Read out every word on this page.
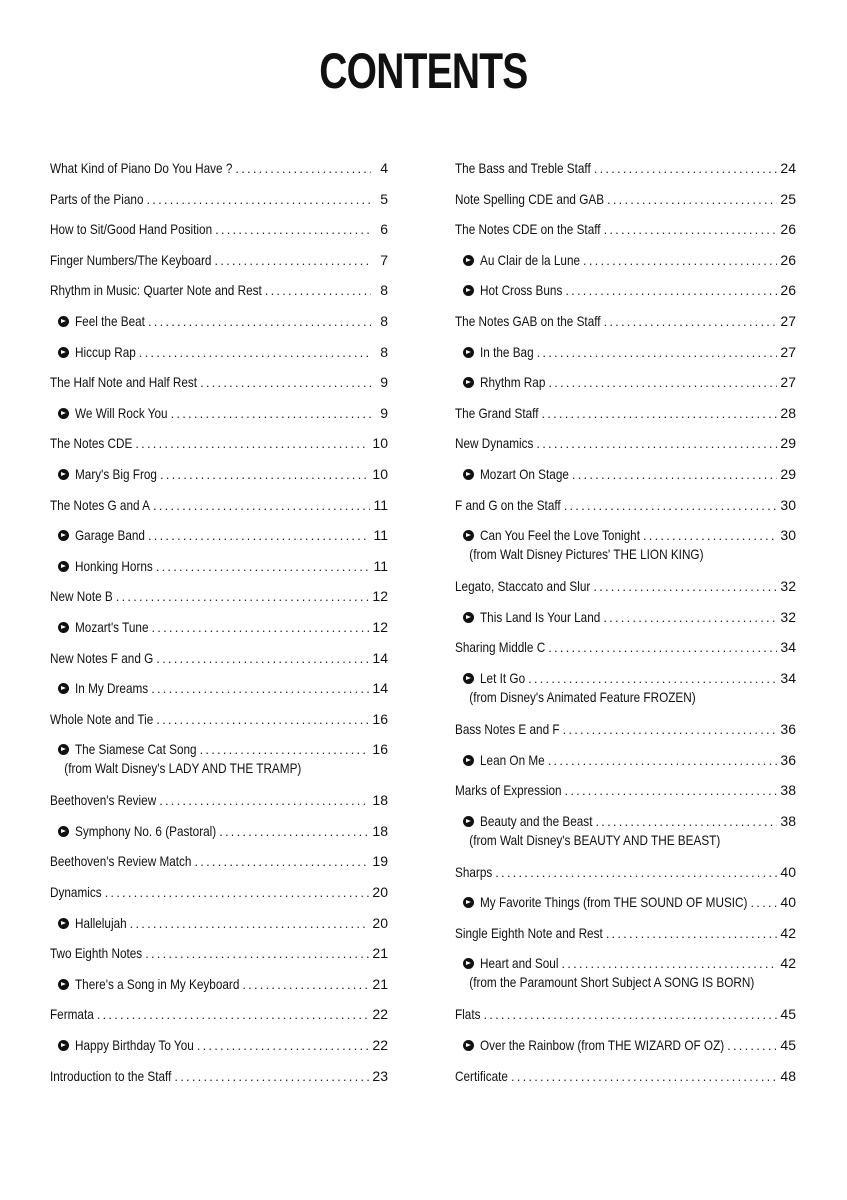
CONTENTS
What Kind of Piano Do You Have ? .....	4
Parts of the Piano .....	5
How to Sit/Good Hand Position .....	6
Finger Numbers/The Keyboard .....	7
Rhythm in Music: Quarter Note and Rest .....	8
Feel the Beat .....	8
Hiccup Rap .....	8
The Half Note and Half Rest .....	9
We Will Rock You .....	9
The Notes CDE .....	10
Mary's Big Frog .....	10
The Notes G and A .....	11
Garage Band .....	11
Honking Horns .....	11
New Note B .....	12
Mozart's Tune .....	12
New Notes F and G .....	14
In My Dreams .....	14
Whole Note and Tie .....	16
The Siamese Cat Song .....	16
(from Walt Disney's LADY AND THE TRAMP)
Beethoven's Review .....	18
Symphony No. 6 (Pastoral) .....	18
Beethoven's Review Match .....	19
Dynamics .....	20
Hallelujah .....	20
Two Eighth Notes .....	21
There's a Song in My Keyboard .....	21
Fermata .....	22
Happy Birthday To You .....	22
Introduction to the Staff .....	23
The Bass and Treble Staff .....	24
Note Spelling CDE and GAB .....	25
The Notes CDE on the Staff .....	26
Au Clair de la Lune .....	26
Hot Cross Buns .....	26
The Notes GAB on the Staff .....	27
In the Bag .....	27
Rhythm Rap .....	27
The Grand Staff .....	28
New Dynamics .....	29
Mozart On Stage .....	29
F and G on the Staff .....	30
Can You Feel the Love Tonight .....	30
(from Walt Disney Pictures' THE LION KING)
Legato, Staccato and Slur .....	32
This Land Is Your Land .....	32
Sharing Middle C .....	34
Let It Go .....	34
(from Disney's Animated Feature FROZEN)
Bass Notes E and F .....	36
Lean On Me .....	36
Marks of Expression .....	38
Beauty and the Beast .....	38
(from Walt Disney's BEAUTY AND THE BEAST)
Sharps .....	40
My Favorite Things (from THE SOUND OF MUSIC) ..... 40
Single Eighth Note and Rest .....	42
Heart and Soul .....	42
(from the Paramount Short Subject A SONG IS BORN)
Flats .....	45
Over the Rainbow (from THE WIZARD OF OZ) .....	45
Certificate .....	48
